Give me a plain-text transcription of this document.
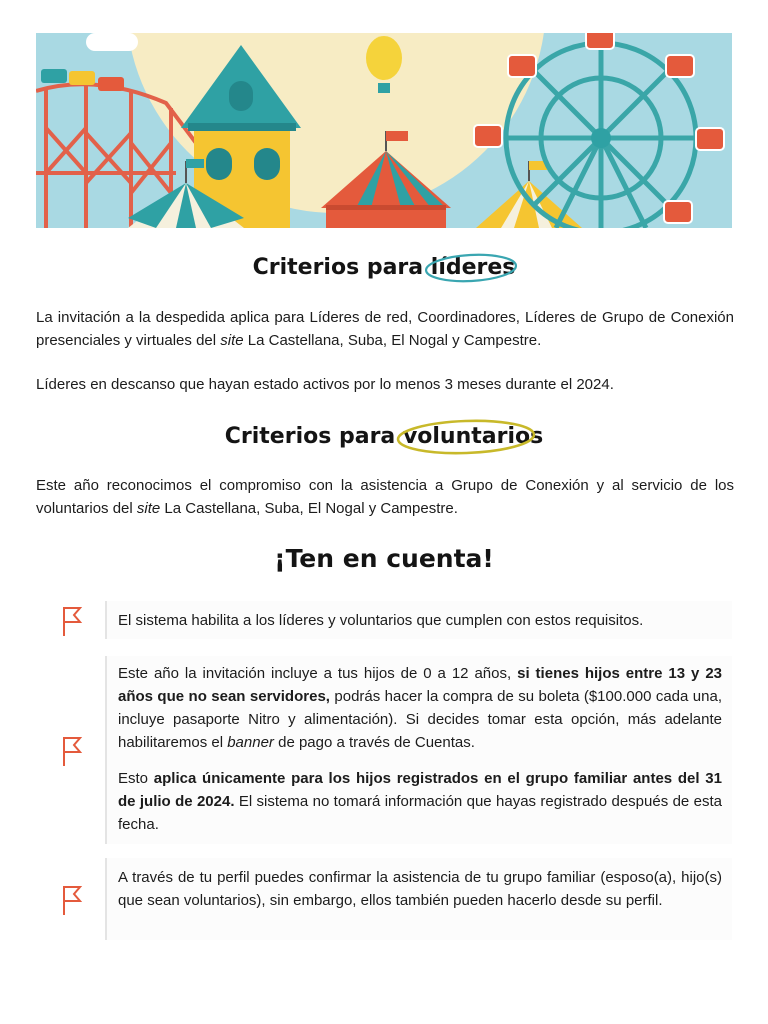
Criterios para líderes

La invitación a la despedida aplica para Líderes de red, Coordinadores, Líderes de Grupo de Conexión presenciales y virtuales del site La Castellana, Suba, El Nogal y Campestre.

Líderes en descanso que hayan estado activos por lo menos 3 meses durante el 2024.

Criterios para voluntarios

Este año reconocimos el compromiso con la asistencia a Grupo de Conexión y al servicio de los voluntarios del site La Castellana, Suba, El Nogal y Campestre.

¡Ten en cuenta!

El sistema habilita a los líderes y voluntarios que cumplen con estos requisitos.

Este año la invitación incluye a tus hijos de 0 a 12 años, si tienes hijos entre 13 y 23 años que no sean servidores, podrás hacer la compra de su boleta ($100.000 cada una, incluye pasaporte Nitro y alimentación). Si decides tomar esta opción, más adelante habilitaremos el banner de pago a través de Cuentas.

Esto aplica únicamente para los hijos registrados en el grupo familiar antes del 31 de julio de 2024. El sistema no tomará información que hayas registrado después de esta fecha.

A través de tu perfil puedes confirmar la asistencia de tu grupo familiar (esposo(a), hijo(s) que sean voluntarios), sin embargo, ellos también pueden hacerlo desde su perfil.
